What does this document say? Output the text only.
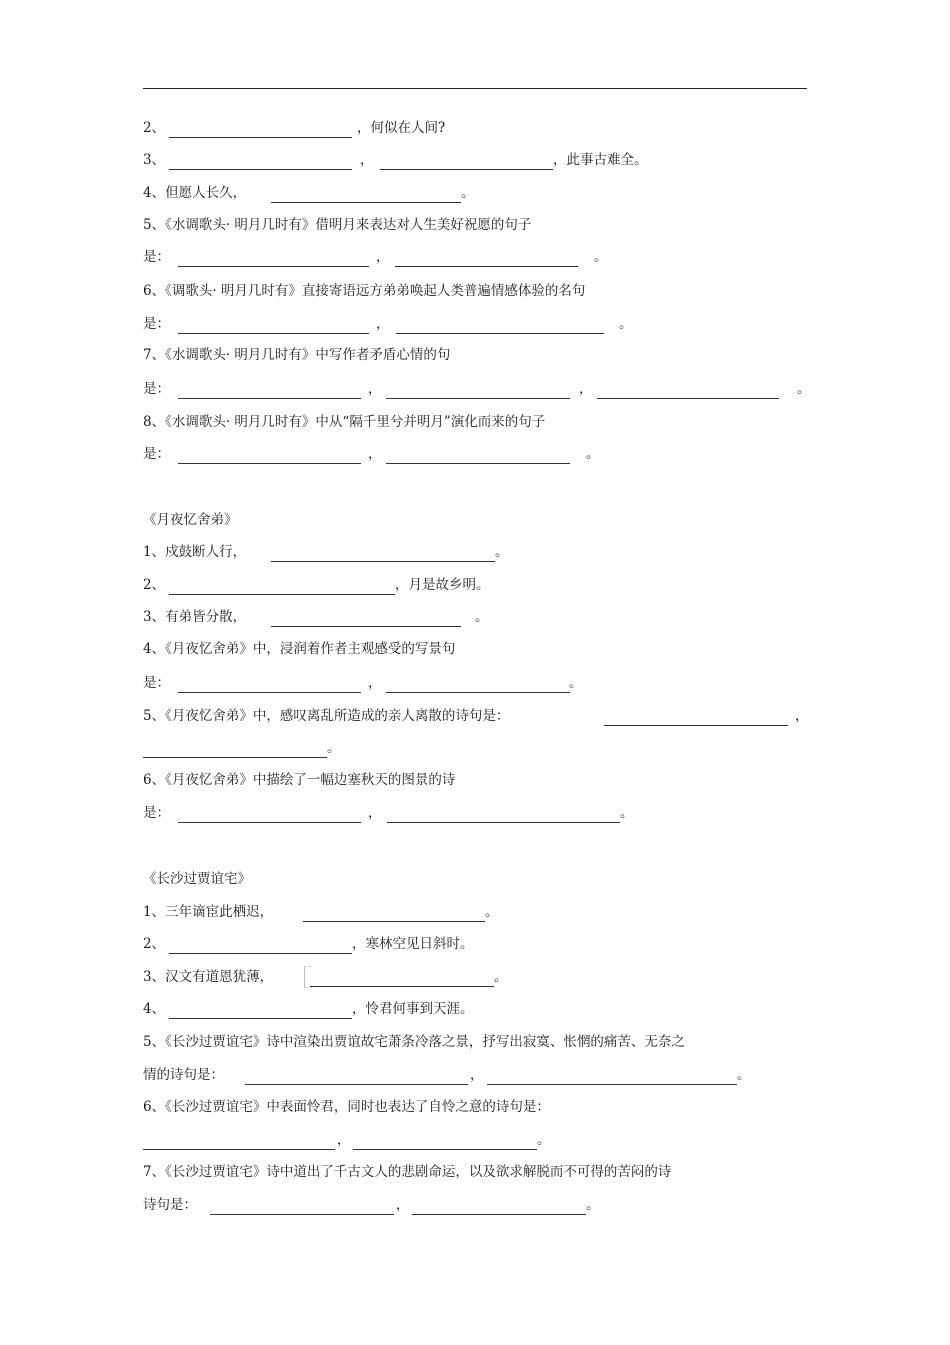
2、	，何似在人间?
3、	，	，此事古难全。
4、但愿人长久，	。
5、《水调歌头· 明月几时有》借明月来表达对人生美好祝愿的句子
是：	，	。
6、《调歌头· 明月几时有》直接寄语远方弟弟唤起人类普遍情感体验的名句
是：	，	。
7、《水调歌头· 明月几时有》中写作者矛盾心情的句
是：	，	，	。
8、《水调歌头· 明月几时有》中从“隔千里兮并明月”演化而来的句子
是：	，	。
《月夜忆舍弟》
1、戍鼓断人行，	。
2、	，月是故乡明。
3、有弟皆分散，	。
4、《月夜忆舍弟》中，浸润着作者主观感受的写景句
是：	，	。
5、《月夜忆舍弟》中，感叹离乱所造成的亲人离散的诗句是：	，
。
6、《月夜忆舍弟》中描绘了一幅边塞秋天的图景的诗
是：	，	。
《长沙过贾谊宅》
1、三年谪宦此栖迟，	。
2、	，寒林空见日斜时。
3、汉文有道恩犹薄，	。
4、	，怜君何事到天涯。
5、《长沙过贾谊宅》诗中渲染出贾谊故宅萧条冷落之景，抒写出寂寞、怅惘的痛苦、无奈之
情的诗句是：	，	。
6、《长沙过贾谊宅》中表面怜君，同时也表达了自怜之意的诗句是：
，	。
7、《长沙过贾谊宅》诗中道出了千古文人的悲剧命运，以及欲求解脱而不可得的苦闷的诗
诗句是：	，	。
